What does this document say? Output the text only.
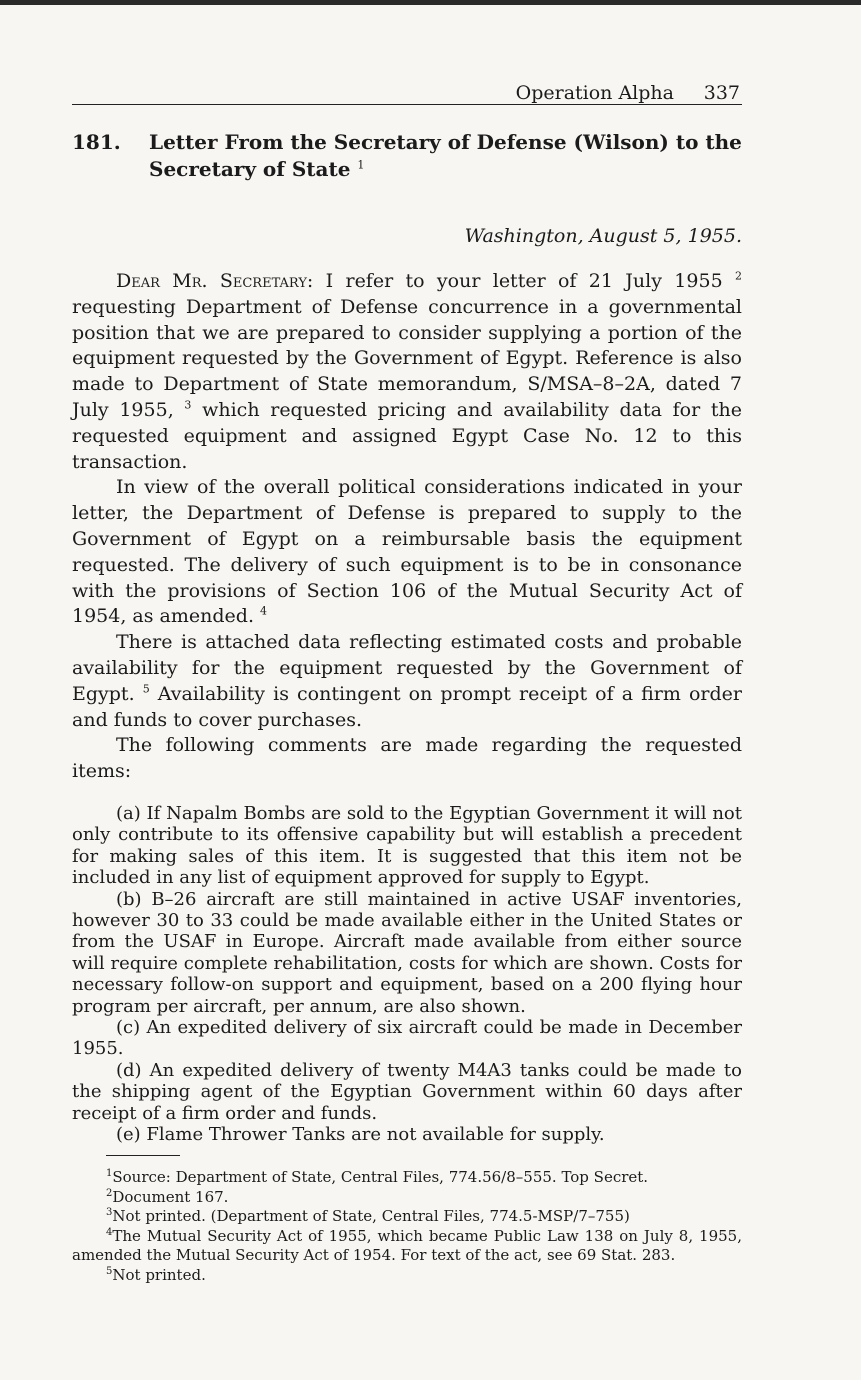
Operation Alpha 337
181.	Letter From the Secretary of Defense (Wilson) to the Secretary of State $^1$
Washington, August 5, 1955.

Dear Mr. Secretary: I refer to your letter of 21 July 1955 $^2$ requesting Department of Defense concurrence in a governmental position that we are prepared to consider supplying a portion of the equipment requested by the Government of Egypt. Reference is also made to Department of State memorandum, S/MSA–8–2A, dated 7 July 1955, $^3$ which requested pricing and availability data for the requested equipment and assigned Egypt Case No. 12 to this transaction.

In view of the overall political considerations indicated in your letter, the Department of Defense is prepared to supply to the Government of Egypt on a reimbursable basis the equipment requested. The delivery of such equipment is to be in consonance with the provisions of Section 106 of the Mutual Security Act of 1954, as amended. $^4$

There is attached data reflecting estimated costs and probable availability for the equipment requested by the Government of Egypt. $^5$ Availability is contingent on prompt receipt of a firm order and funds to cover purchases.

The following comments are made regarding the requested items:

(a) If Napalm Bombs are sold to the Egyptian Government it will not only contribute to its offensive capability but will establish a precedent for making sales of this item. It is suggested that this item not be included in any list of equipment approved for supply to Egypt.

(b) B–26 aircraft are still maintained in active USAF inventories, however 30 to 33 could be made available either in the United States or from the USAF in Europe. Aircraft made available from either source will require complete rehabilitation, costs for which are shown. Costs for necessary follow-on support and equipment, based on a 200 flying hour program per aircraft, per annum, are also shown.

(c) An expedited delivery of six aircraft could be made in December 1955.

(d) An expedited delivery of twenty M4A3 tanks could be made to the shipping agent of the Egyptian Government within 60 days after receipt of a firm order and funds.

(e) Flame Thrower Tanks are not available for supply.

$^1$Source: Department of State, Central Files, 774.56/8–555. Top Secret.

$^2$Document 167.

$^3$Not printed. (Department of State, Central Files, 774.5-MSP/7–755)

$^4$The Mutual Security Act of 1955, which became Public Law 138 on July 8, 1955, amended the Mutual Security Act of 1954. For text of the act, see 69 Stat. 283.

$^5$Not printed.
